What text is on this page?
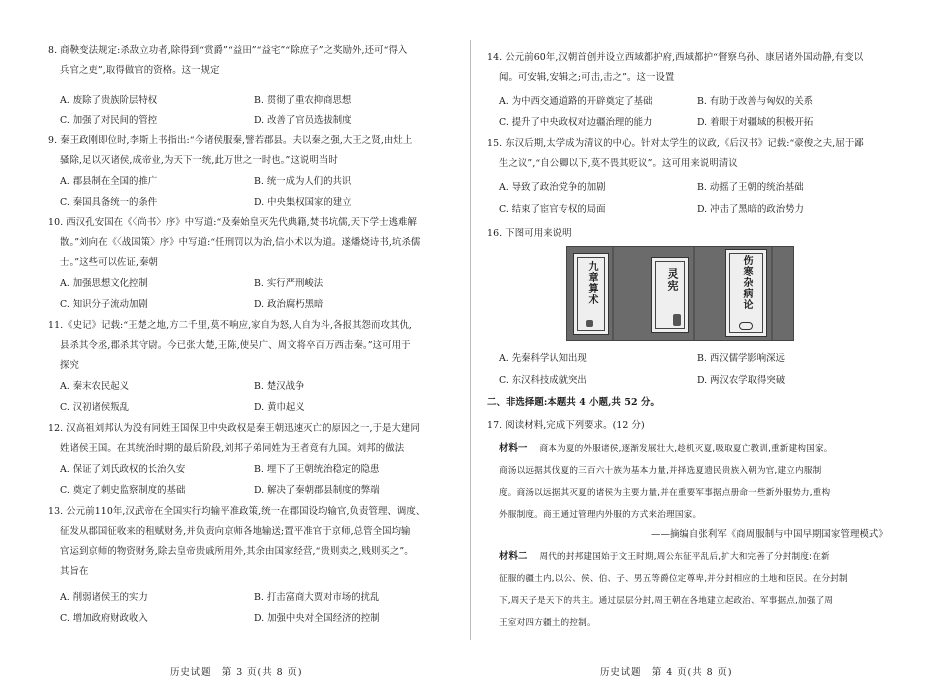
8. 商鞅变法规定:杀敌立功者,除得到“赏爵”“益田”“益宅”“除庶子”之奖励外,还可“得入
兵官之吏”,取得做官的资格。这一规定
A. 废除了贵族阶层特权	B. 贯彻了重农抑商思想
C. 加强了对民间的管控	D. 改善了官员选拔制度
9. 秦王政刚即位时,李斯上书指出:“今诸侯服秦,譬若郡县。夫以秦之强,大王之贤,由灶上
骚除,足以灭诸侯,成帝业,为天下一统,此万世之一时也。”这说明当时
A. 郡县制在全国的推广	B. 统一成为人们的共识
C. 秦国具备统一的条件	D. 中央集权国家的建立
10. 西汉孔安国在《〈尚书〉序》中写道:“及秦始皇灭先代典籍,焚书坑儒,天下学士逃难解
散。”刘向在《〈战国策〉序》中写道:“任刑罚以为治,信小术以为道。遂燔烧诗书,坑杀儒
士。”这些可以佐证,秦朝
A. 加强思想文化控制	B. 实行严刑峻法
C. 知识分子流动加剧	D. 政治腐朽黑暗
11.《史记》记载:“王楚之地,方二千里,莫不响应,家自为怒,人自为斗,各报其怨而攻其仇,
县杀其令丞,郡杀其守尉。今已张大楚,王陈,使吴广、周文将卒百万西击秦。”这可用于
探究
A. 秦末农民起义	B. 楚汉战争
C. 汉初诸侯叛乱	D. 黄巾起义
12. 汉高祖刘邦认为没有同姓王国保卫中央政权是秦王朝迅速灭亡的原因之一,于是大建同
姓诸侯王国。在其统治时期的最后阶段,刘邦子弟同姓为王者竟有九国。刘邦的做法
A. 保证了刘氏政权的长治久安	B. 埋下了王朝统治稳定的隐患
C. 奠定了刺史监察制度的基础	D. 解决了秦朝郡县制度的弊端
13. 公元前110年,汉武帝在全国实行均输平准政策,统一在郡国设均输官,负责管理、调度、
征发从郡国征收来的租赋财务,并负责向京师各地输送;置平准官于京师,总管全国均输
官运到京师的物资财务,除去皇帝贵戚所用外,其余由国家经营,“贵则卖之,贱则买之”。
其旨在
A. 削弱诸侯王的实力	B. 打击富商大贾对市场的扰乱
C. 增加政府财政收入	D. 加强中央对全国经济的控制
历史试题　第 3 页(共 8 页)
14. 公元前60年,汉朝首创并设立西域都护府,西域都护“督察乌孙、康居诸外国动静,有变以
闻。可安辑,安辑之;可击,击之”。这一设置
A. 为中西交通道路的开辟奠定了基础	B. 有助于改善与匈奴的关系
C. 提升了中央政权对边疆治理的能力	D. 着眼于对疆域的积极开拓
15. 东汉后期,太学成为清议的中心。针对太学生的议政,《后汉书》记载:“豪俊之夫,屈于鄙
生之议”,“自公卿以下,莫不畏其贬议”。这可用来说明清议
A. 导致了政治党争的加剧	B. 动摇了王朝的统治基础
C. 结束了宦官专权的局面	D. 冲击了黑暗的政治势力
16. 下图可用来说明
A. 先秦科学认知出现	B. 西汉儒学影响深远
C. 东汉科技成就突出	D. 两汉农学取得突破
二、非选择题:本题共 4 小题,共 52 分。
17. 阅读材料,完成下列要求。(12 分)
材料一 商本为夏的外服诸侯,逐渐发展壮大,趁机灭夏,吸取夏亡教训,重新建构国家。
商汤以远据其伐夏的三百六十族为基本力量,并择选夏遗民贵族入朝为官,建立内服制
度。商汤以远据其灭夏的诸侯为主要力量,并在重要军事据点册命一些新外服势力,重构
外服制度。商王通过管理内外服的方式来治理国家。
——摘编自张利军《商周服制与中国早期国家管理模式》
材料二 周代的封邦建国始于文王时期,周公东征平乱后,扩大和完善了分封制度:在新
征服的疆土内,以公、侯、伯、子、男五等爵位定尊卑,并分封相应的土地和臣民。在分封制
下,周天子是天下的共主。通过层层分封,周王朝在各地建立起政治、军事据点,加强了周
王室对四方疆土的控制。
历史试题　第 4 页(共 8 页)
九章算术	灵宪	伤寒杂病论
